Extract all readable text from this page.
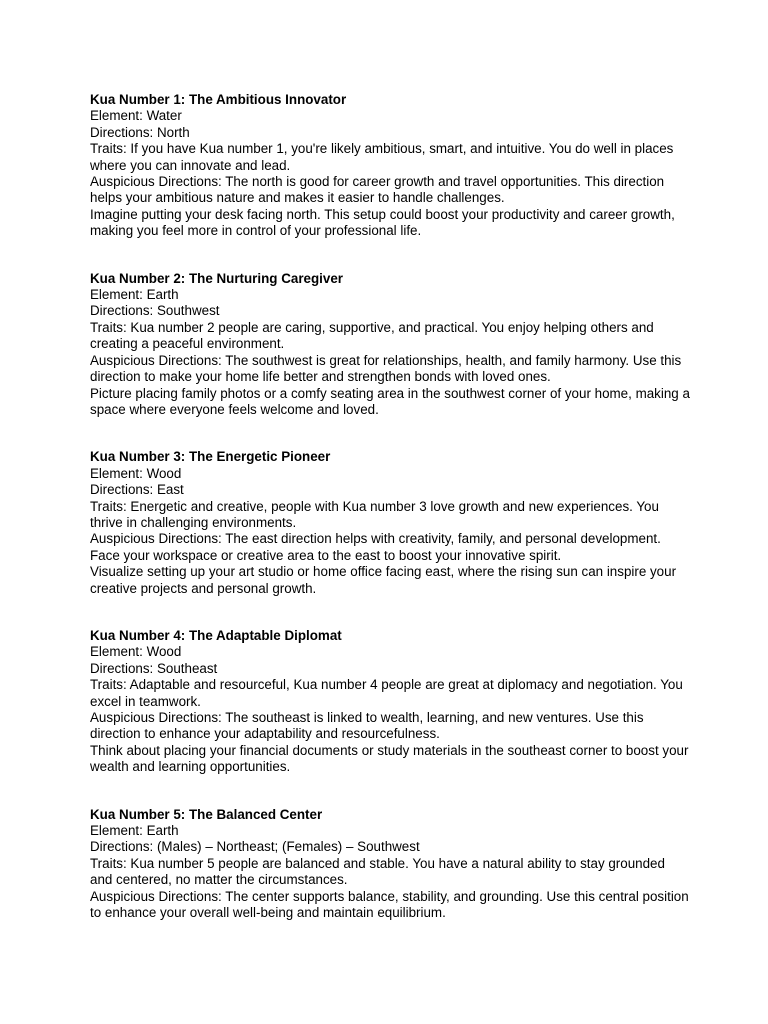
Kua Number 1: The Ambitious Innovator

Element: Water

Directions: North

Traits: If you have Kua number 1, you're likely ambitious, smart, and intuitive. You do well in places where you can innovate and lead.

Auspicious Directions: The north is good for career growth and travel opportunities. This direction helps your ambitious nature and makes it easier to handle challenges.

Imagine putting your desk facing north. This setup could boost your productivity and career growth, making you feel more in control of your professional life.

Kua Number 2: The Nurturing Caregiver

Element: Earth

Directions: Southwest

Traits: Kua number 2 people are caring, supportive, and practical. You enjoy helping others and creating a peaceful environment.

Auspicious Directions: The southwest is great for relationships, health, and family harmony. Use this direction to make your home life better and strengthen bonds with loved ones.

Picture placing family photos or a comfy seating area in the southwest corner of your home, making a space where everyone feels welcome and loved.

Kua Number 3: The Energetic Pioneer

Element: Wood

Directions: East

Traits: Energetic and creative, people with Kua number 3 love growth and new experiences. You thrive in challenging environments.

Auspicious Directions: The east direction helps with creativity, family, and personal development. Face your workspace or creative area to the east to boost your innovative spirit.

Visualize setting up your art studio or home office facing east, where the rising sun can inspire your creative projects and personal growth.

Kua Number 4: The Adaptable Diplomat

Element: Wood

Directions: Southeast

Traits: Adaptable and resourceful, Kua number 4 people are great at diplomacy and negotiation. You excel in teamwork.

Auspicious Directions: The southeast is linked to wealth, learning, and new ventures. Use this direction to enhance your adaptability and resourcefulness.

Think about placing your financial documents or study materials in the southeast corner to boost your wealth and learning opportunities.

Kua Number 5: The Balanced Center

Element: Earth

Directions: (Males) – Northeast; (Females) – Southwest

Traits: Kua number 5 people are balanced and stable. You have a natural ability to stay grounded and centered, no matter the circumstances.

Auspicious Directions: The center supports balance, stability, and grounding. Use this central position to enhance your overall well-being and maintain equilibrium.
